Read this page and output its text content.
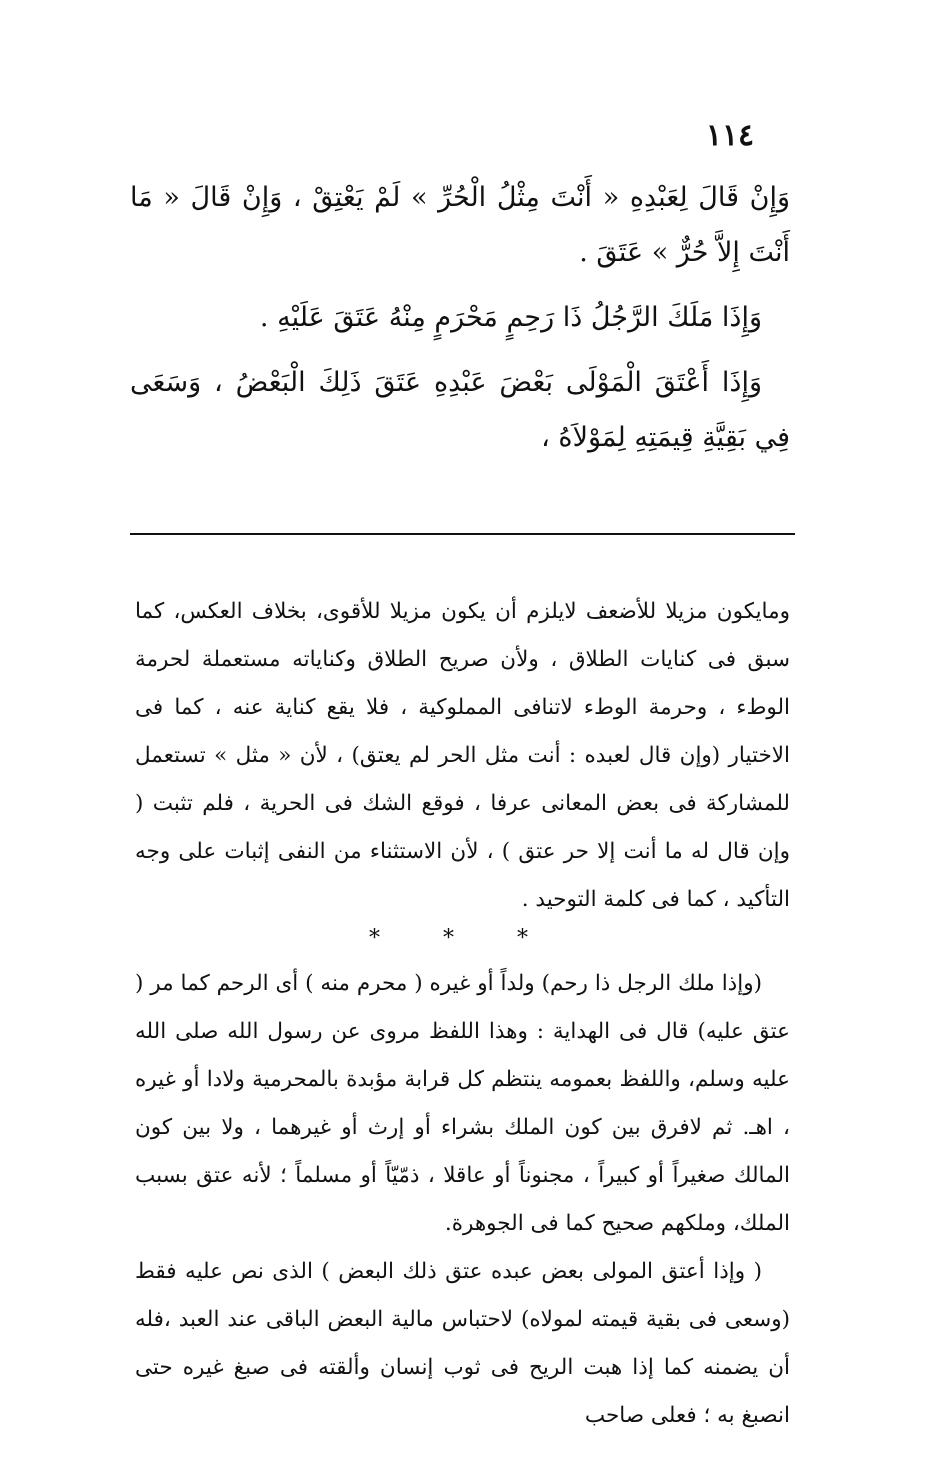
١١٤

وَإِنْ قَالَ لِعَبْدِهِ « أَنْتَ مِثْلُ الْحُرِّ » لَمْ يَعْتِقْ ، وَإِنْ قَالَ « مَا أَنْتَ إِلاَّ حُرٌّ » عَتَقَ .

وَإِذَا مَلَكَ الرَّجُلُ ذَا رَحِمٍ مَحْرَمٍ مِنْهُ عَتَقَ عَلَيْهِ .

وَإِذَا أَعْتَقَ الْمَوْلَى بَعْضَ عَبْدِهِ عَتَقَ ذَلِكَ الْبَعْضُ ، وَسَعَى فِي بَقِيَّةِ قِيمَتِهِ لِمَوْلاَهُ ،

ومايكون مزيلا للأضعف لايلزم أن يكون مزيلا للأقوى، بخلاف العكس، كما سبق فى كنايات الطلاق ، ولأن صريح الطلاق وكناياته مستعملة لحرمة الوطء ، وحرمة الوطء لاتنافى المملوكية ، فلا يقع كناية عنه ، كما فى الاختيار (وإن قال لعبده : أنت مثل الحر لم يعتق) ، لأن « مثل » تستعمل للمشاركة فى بعض المعانى عرفا ، فوقع الشك فى الحرية ، فلم تثبت ( وإن قال له ما أنت إلا حر عتق ) ، لأن الاستثناء من النفى إثبات على وجه التأكيد ، كما فى كلمة التوحيد .

* * *

(وإذا ملك الرجل ذا رحم) ولداً أو غيره ( محرم منه ) أى الرحم كما مر ( عتق عليه) قال فى الهداية : وهذا اللفظ مروى عن رسول الله صلى الله عليه وسلم، واللفظ بعمومه ينتظم كل قرابة مؤبدة بالمحرمية ولادا أو غيره ، اهـ. ثم لافرق بين كون الملك بشراء أو إرث أو غيرهما ، ولا بين كون المالك صغيراً أو كبيراً ، مجنوناً أو عاقلا ، ذمّيّاً أو مسلماً ؛ لأنه عتق بسبب الملك، وملكهم صحيح كما فى الجوهرة.

( وإذا أعتق المولى بعض عبده عتق ذلك البعض ) الذى نص عليه فقط (وسعى فى بقية قيمته لمولاه) لاحتباس مالية البعض الباقى عند العبد ،فله أن يضمنه كما إذا هبت الريح فى ثوب إنسان وألقته فى صبغ غيره حتى انصبغ به ؛ فعلى صاحب
